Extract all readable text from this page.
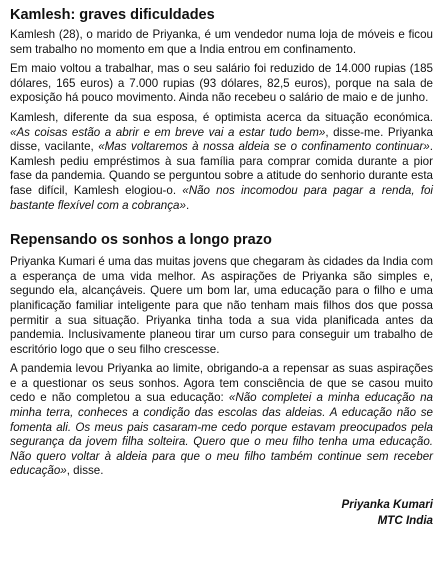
Kamlesh: graves dificuldades

Kamlesh (28), o marido de Priyanka, é um vendedor numa loja de móveis e ficou sem trabalho no momento em que a India entrou em confinamento.

Em maio voltou a trabalhar, mas o seu salário foi reduzido de 14.000 rupias (185 dólares, 165 euros) a 7.000 rupias (93 dólares, 82,5 euros), porque na sala de exposição há pouco movimento. Ainda não recebeu o salário de maio e de junho.

Kamlesh, diferente da sua esposa, é optimista acerca da situação económica. «As coisas estão a abrir e em breve vai a estar tudo bem», disse-me. Priyanka disse, vacilante, «Mas voltaremos à nossa aldeia se o confinamento continuar». Kamlesh pediu empréstimos à sua família para comprar comida durante a pior fase da pandemia. Quando se perguntou sobre a atitude do senhorio durante esta fase difícil, Kamlesh elogiou-o. «Não nos incomodou para pagar a renda, foi bastante flexível com a cobrança».

Repensando os sonhos a longo prazo

Priyanka Kumari é uma das muitas jovens que chegaram às cidades da India com a esperança de uma vida melhor. As aspirações de Priyanka são simples e, segundo ela, alcançáveis. Quere um bom lar, uma educação para o filho e uma planificação familiar inteligente para que não tenham mais filhos dos que possa permitir a sua situação. Priyanka tinha toda a sua vida planificada antes da pandemia. Inclusivamente planeou tirar um curso para conseguir um trabalho de escritório logo que o seu filho crescesse.

A pandemia levou Priyanka ao limite, obrigando-a a repensar as suas aspirações e a questionar os seus sonhos. Agora tem consciência de que se casou muito cedo e não completou a sua educação: «Não completei a minha educação na minha terra, conheces a condição das escolas das aldeias. A educação não se fomenta ali. Os meus pais casaram-me cedo porque estavam preocupados pela segurança da jovem filha solteira. Quero que o meu filho tenha uma educação. Não quero voltar à aldeia para que o meu filho também continue sem receber educação», disse.

Priyanka Kumari
MTC India
